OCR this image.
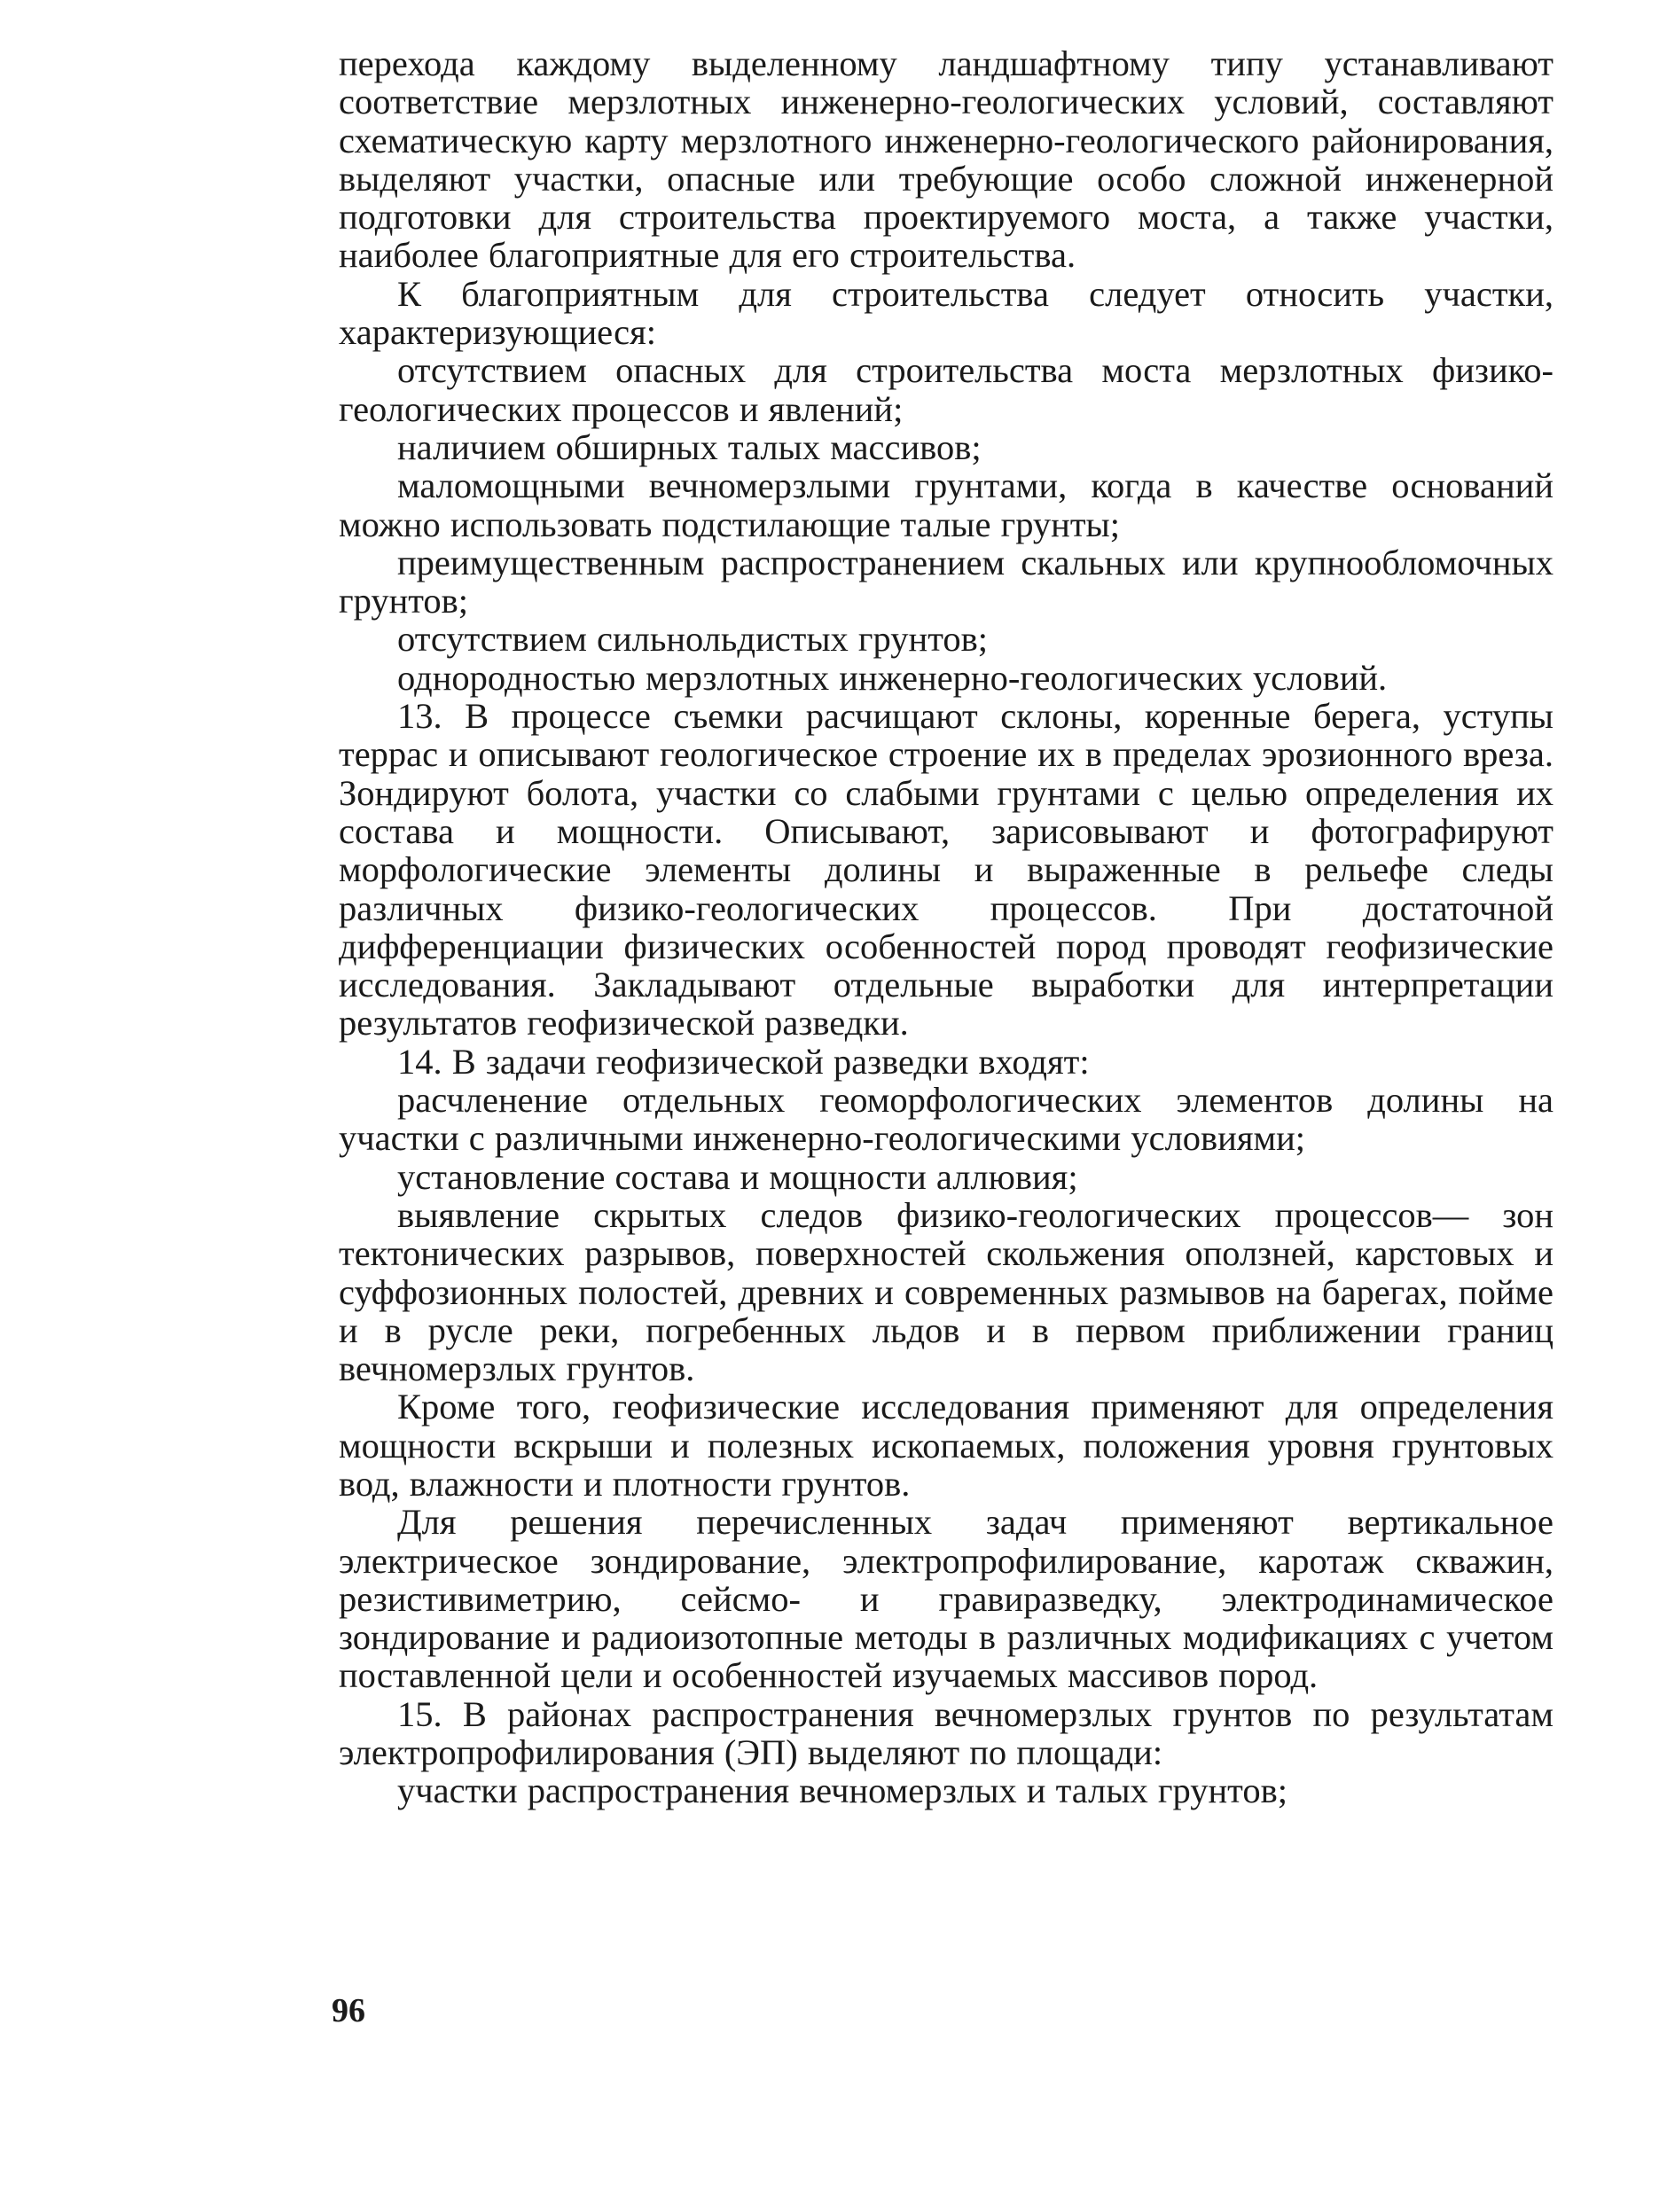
перехода каждому выделенному ландшафтному типу устанавливают соответствие мерзлотных инженерно-геологических условий, составляют схематическую карту мерзлотного инженерно-геологического районирования, выделяют участки, опасные или требующие особо сложной инженерной подготовки для строительства проектируемого моста, а также участки, наиболее благоприятные для его строительства.

К благоприятным для строительства следует относить участки, характеризующиеся:

отсутствием опасных для строительства моста мерзлотных физико-геологических процессов и явлений;

наличием обширных талых массивов;

маломощными вечномерзлыми грунтами, когда в качестве оснований можно использовать подстилающие талые грунты;

преимущественным распространением скальных или крупнообломочных грунтов;

отсутствием сильнольдистых грунтов;

однородностью мерзлотных инженерно-геологических условий.

13. В процессе съемки расчищают склоны, коренные берега, уступы террас и описывают геологическое строение их в пределах эрозионного вреза. Зондируют болота, участки со слабыми грунтами с целью определения их состава и мощности. Описывают, зарисовывают и фотографируют морфологические элементы долины и выраженные в рельефе следы различных физико-геологических процессов. При достаточной дифференциации физических особенностей пород проводят геофизические исследования. Закладывают отдельные выработки для интерпретации результатов геофизической разведки.

14. В задачи геофизической разведки входят:

расчленение отдельных геоморфологических элементов долины на участки с различными инженерно-геологическими условиями;

установление состава и мощности аллювия;

выявление скрытых следов физико-геологических процессов— зон тектонических разрывов, поверхностей скольжения оползней, карстовых и суффозионных полостей, древних и современных размывов на барегах, пойме и в русле реки, погребенных льдов и в первом приближении границ вечномерзлых грунтов.

Кроме того, геофизические исследования применяют для определения мощности вскрыши и полезных ископаемых, положения уровня грунтовых вод, влажности и плотности грунтов.

Для решения перечисленных задач применяют вертикальное электрическое зондирование, электропрофилирование, каротаж скважин, резистивиметрию, сейсмо- и гравиразведку, электродинамическое зондирование и радиоизотопные методы в различных модификациях с учетом поставленной цели и особенностей изучаемых массивов пород.

15. В районах распространения вечномерзлых грунтов по результатам электропрофилирования (ЭП) выделяют по площади:

участки распространения вечномерзлых и талых грунтов;

96
